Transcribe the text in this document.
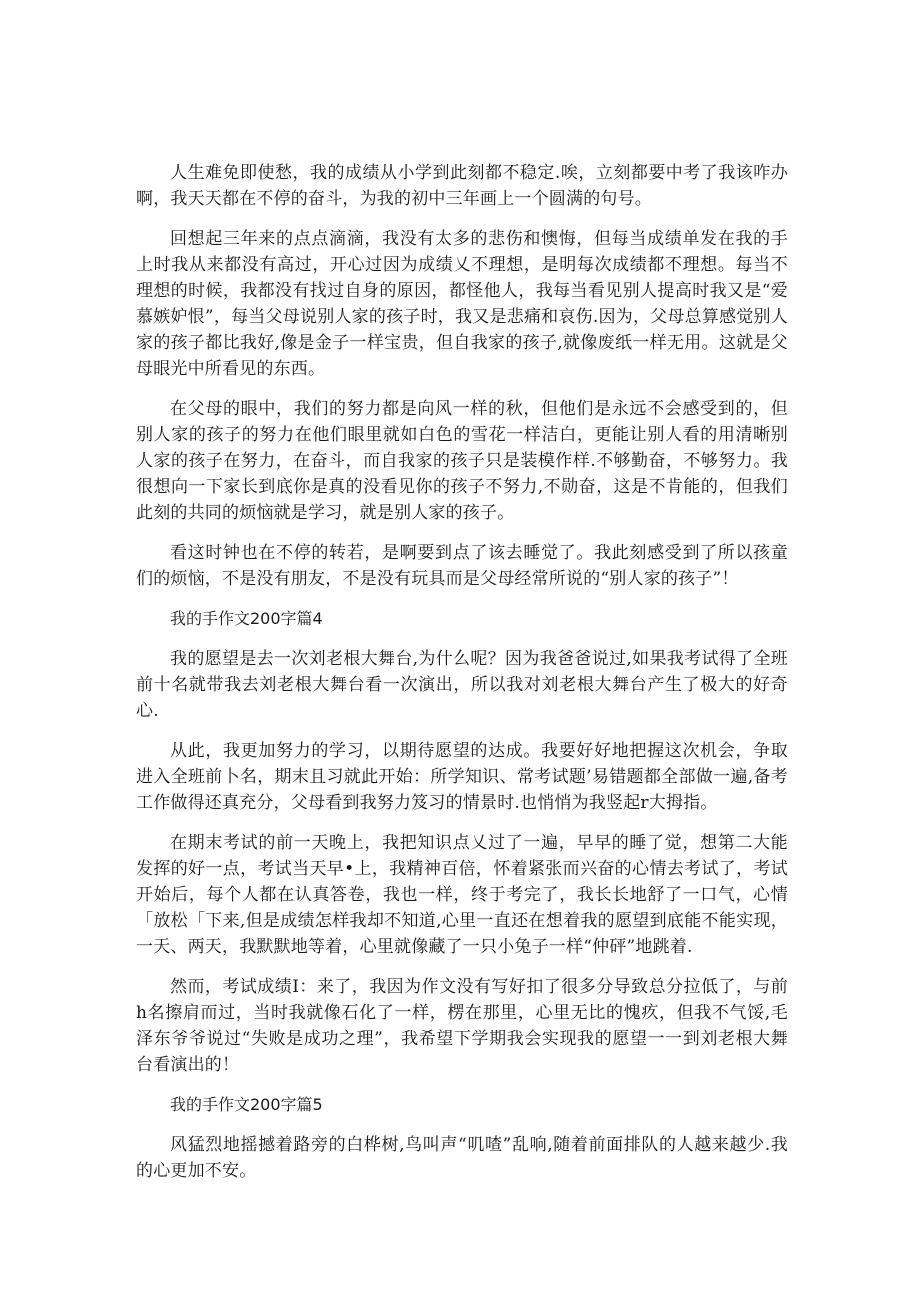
人生难免即使愁，我的成绩从小学到此刻都不稳定.唉，立刻都要中考了我该咋办啊，我天天都在不停的奋斗，为我的初中三年画上一个圆满的句号。

回想起三年来的点点滴滴，我没有太多的悲伤和懊悔，但每当成绩单发在我的手上时我从来都没有高过，开心过因为成绩乂不理想，是明每次成绩都不理想。每当不理想的时候，我都没有找过自身的原因，都怪他人，我每当看见别人提高时我又是“爱慕嫉妒恨”，每当父母说别人家的孩子时，我又是悲痛和哀伤.因为，父母总算感觉别人家的孩子都比我好,像是金子一样宝贵，但自我家的孩子,就像废纸一样无用。这就是父母眼光中所看见的东西。

在父母的眼中，我们的努力都是向风一样的秋，但他们是永远不会感受到的，但别人家的孩子的努力在他们眼里就如白色的雪花一样洁白，更能让别人看的用清晰别人家的孩子在努力，在奋斗，而自我家的孩子只是装模作样.不够勤奋，不够努力。我很想向一下家长到底你是真的没看见你的孩子不努力,不勋奋，这是不肯能的，但我们此刻的共同的烦恼就是学习，就是别人家的孩子。

看这时钟也在不停的转若，是啊要到点了该去睡觉了。我此刻感受到了所以孩童们的烦恼，不是没有朋友，不是没有玩具而是父母经常所说的“别人家的孩子”！

我的手作文200字篇4

我的愿望是去一次刘老根大舞台,为什么呢？因为我爸爸说过,如果我考试得了全班前十名就带我去刘老根大舞台看一次演出，所以我对刘老根大舞台产生了极大的好奇心.

从此，我更加努力的学习，以期待愿望的达成。我要好好地把握这次机会，争取进入全班前卜名，期末且习就此开始：所学知识、常考试题’易错题都全部做一遍,备考工作做得还真充分，父母看到我努力笈习的情景时.也悄悄为我竖起r大拇指。

在期末考试的前一天晚上，我把知识点乂过了一遍，早早的睡了觉，想第二大能发挥的好一点，考试当天早•上，我精神百倍，怀着紧张而兴奋的心情去考试了，考试开始后，每个人都在认真答卷，我也一样，终于考完了，我长长地舒了一口气，心情「放松「下来,但是成绩怎样我却不知道,心里一直还在想着我的愿望到底能不能实现，一天、两天，我默默地等着，心里就像藏了一只小兔子一样“仲砰”地跳着.

然而，考试成绩I：来了，我因为作文没有写好扣了很多分导致总分拉低了，与前h名擦肩而过，当时我就像石化了一样，楞在那里，心里无比的愧疚，但我不气馁,毛泽东爷爷说过“失败是成功之理”，我希望下学期我会实现我的愿望一一到刘老根大舞台看演出的！

我的手作文200字篇5

风猛烈地摇撼着路旁的白桦树,鸟叫声“叽喳”乱响,随着前面排队的人越来越少.我的心更加不安。
